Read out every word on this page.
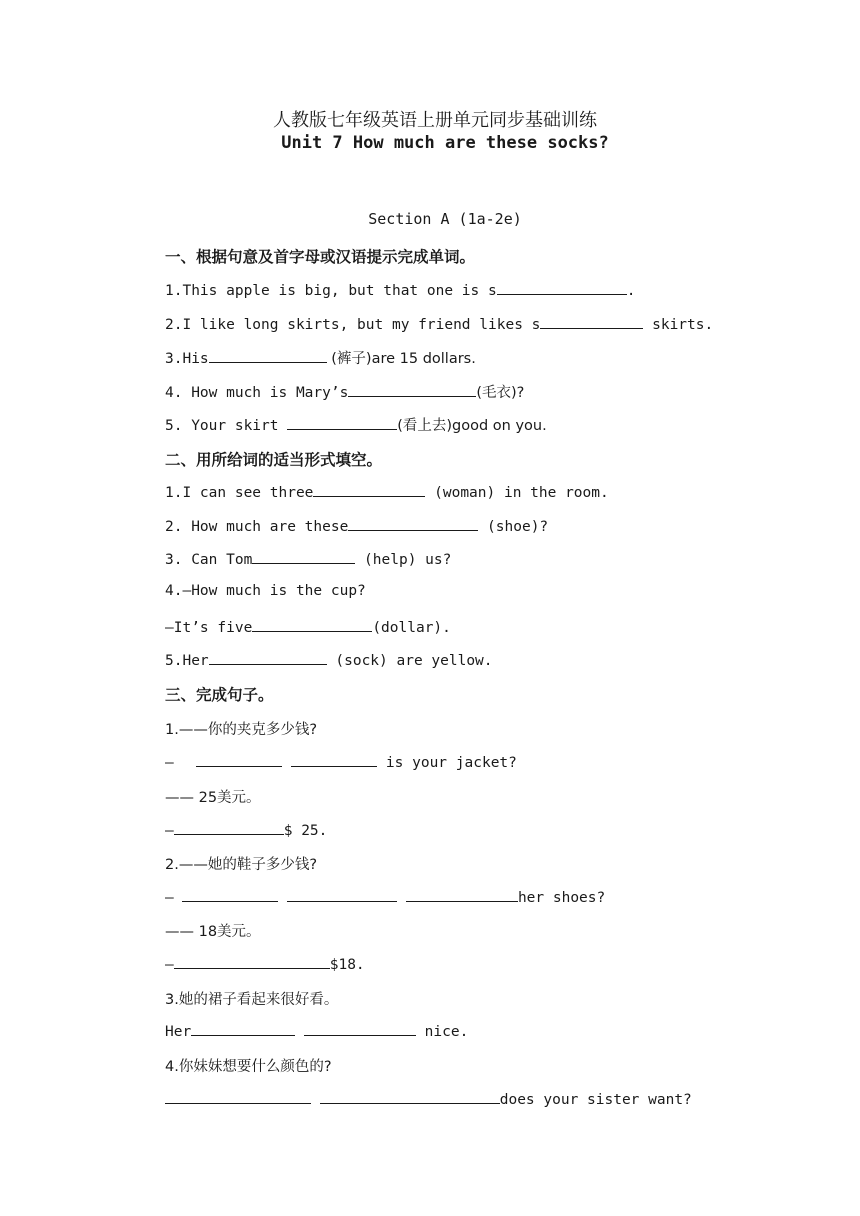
人教版七年级英语上册单元同步基础训练
Unit 7 How much are these socks?
Section A (1a-2e)
一、根据句意及首字母或汉语提示完成单词。
1.This apple is big, but that one is s	.
2.I like long skirts, but my friend likes s	skirts.
3.His	(裤子)are 15 dollars.
4. How much is Mary’s	(毛衣)?
5. Your skirt	(看上去)good on you.
二、用所给词的适当形式填空。
1.I can see three	(woman) in the room.
2. How much are these	(shoe)?
3. Can Tom	(help) us?
4.—How much is the cup?
—It’s five	(dollar).
5.Her	(sock) are yellow.
三、完成句子。
1.——你的夹克多少钱?
—	is your jacket?
—— 25美元。
—	$ 25.
2.——她的鞋子多少钱?
—	her shoes?
—— 18美元。
—	$18.
3.她的裙子看起来很好看。
Her	nice.
4.你妹妹想要什么颜色的?
does your sister want?
